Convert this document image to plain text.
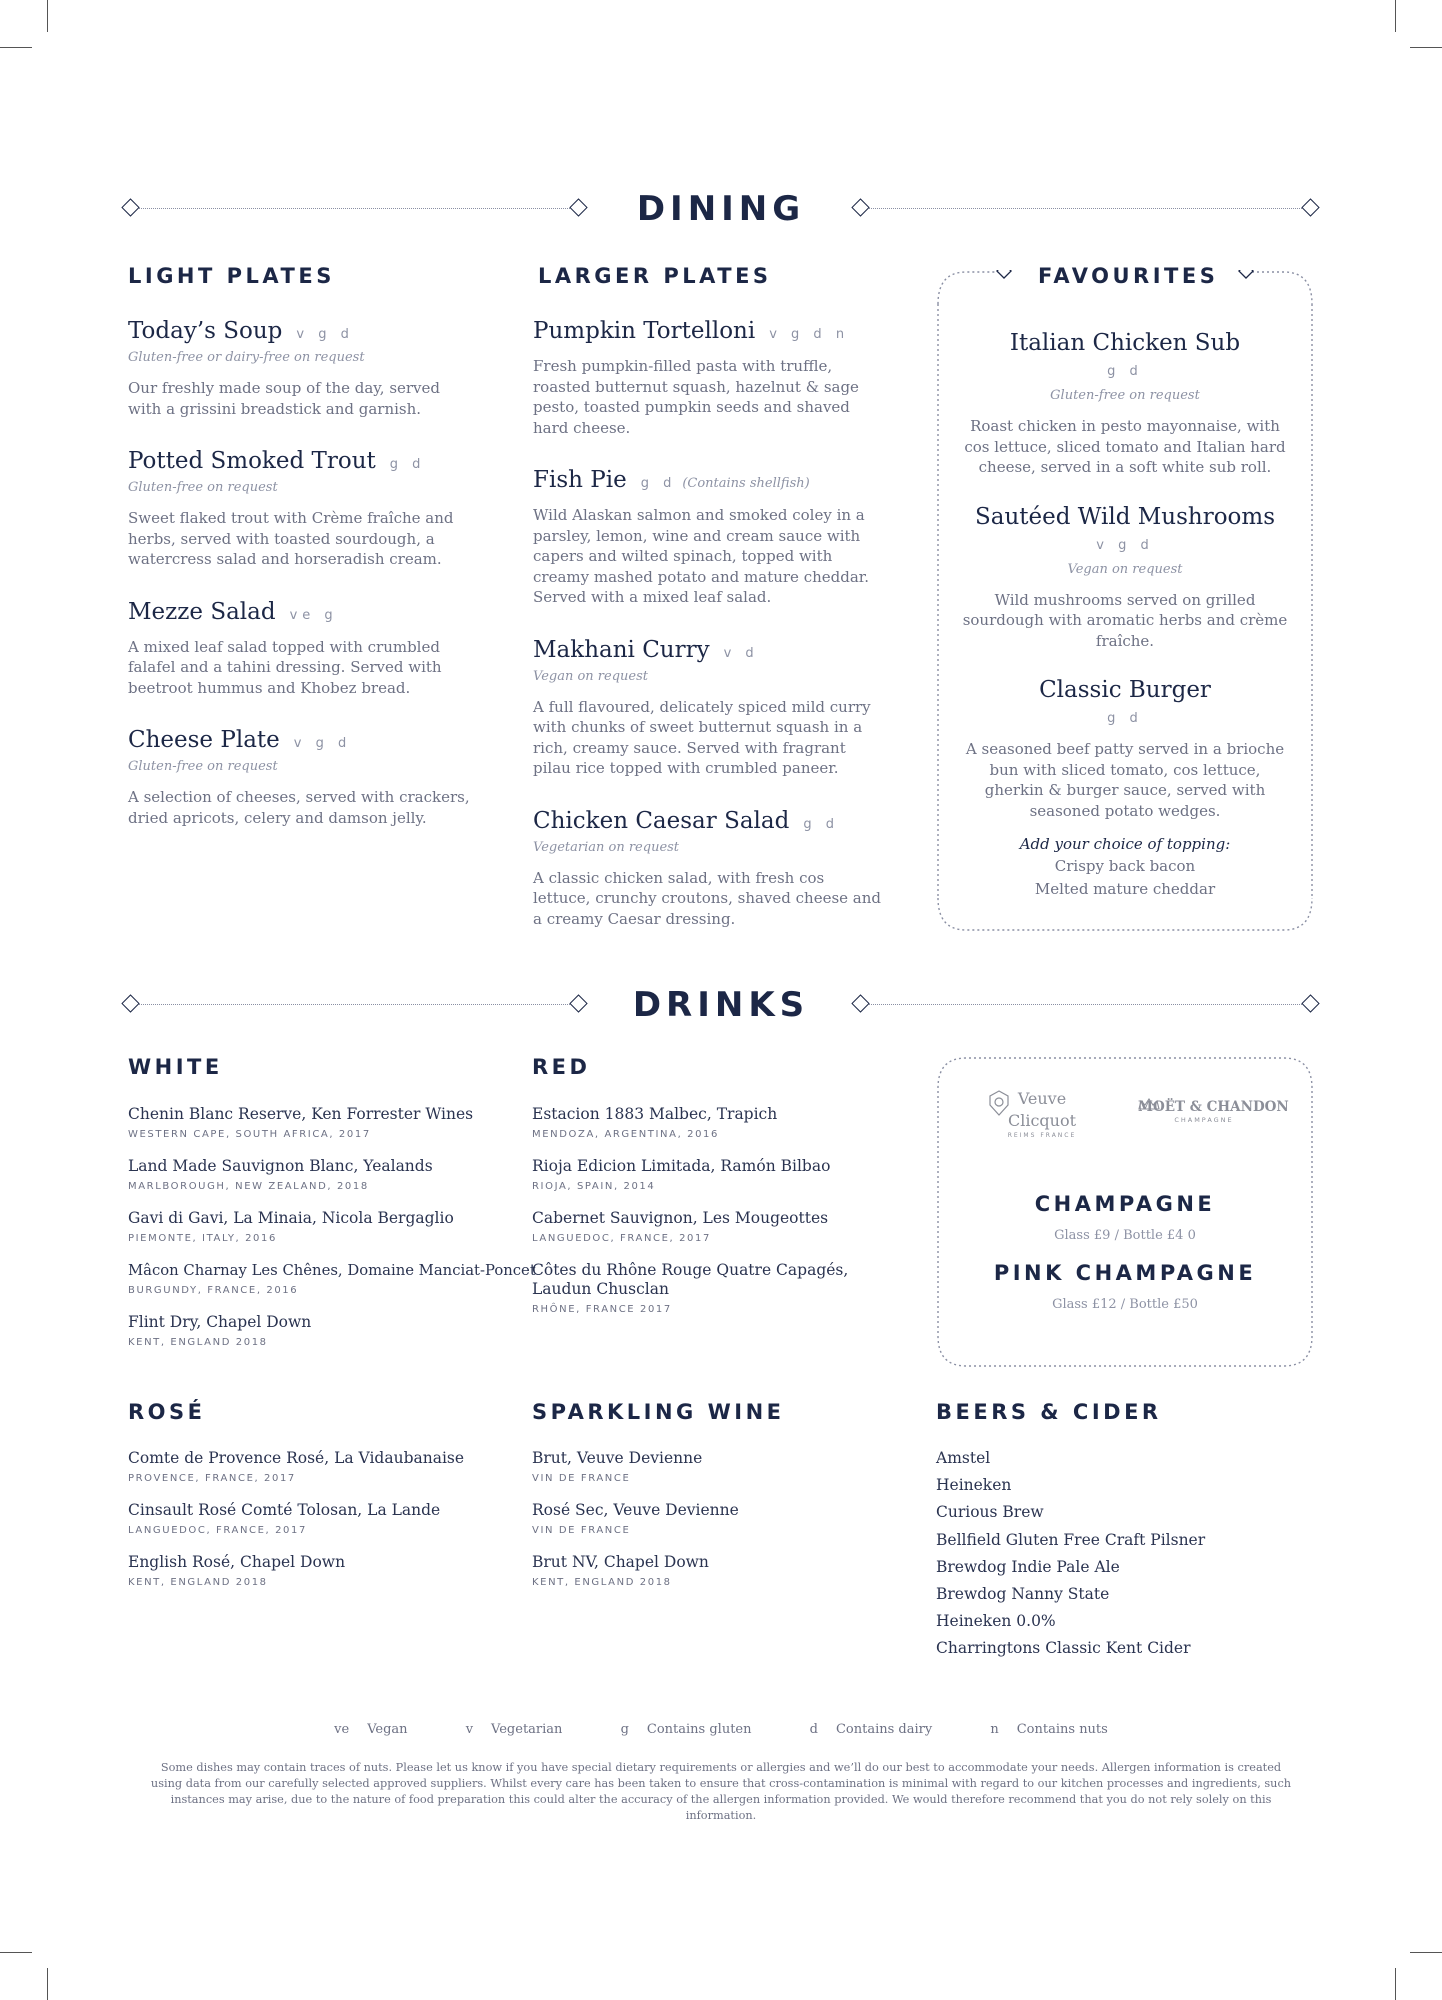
DINING
LIGHT PLATES
Today’s Soup v g d
Gluten-free or dairy-free on request
Our freshly made soup of the day, served with a grissini breadstick and garnish.
Potted Smoked Trout g d
Gluten-free on request
Sweet flaked trout with Crème fraîche and herbs, served with toasted sourdough, a watercress salad and horseradish cream.
Mezze Salad ve g
A mixed leaf salad topped with crumbled falafel and a tahini dressing. Served with beetroot hummus and Khobez bread.
Cheese Plate v g d
Gluten-free on request
A selection of cheeses, served with crackers, dried apricots, celery and damson jelly.
LARGER PLATES
Pumpkin Tortelloni v g d n
Fresh pumpkin-filled pasta with truffle, roasted butternut squash, hazelnut & sage pesto, toasted pumpkin seeds and shaved hard cheese.
Fish Pie g d (Contains shellfish)
Wild Alaskan salmon and smoked coley in a parsley, lemon, wine and cream sauce with capers and wilted spinach, topped with creamy mashed potato and mature cheddar. Served with a mixed leaf salad.
Makhani Curry v d
Vegan on request
A full flavoured, delicately spiced mild curry with chunks of sweet butternut squash in a rich, creamy sauce. Served with fragrant pilau rice topped with crumbled paneer.
Chicken Caesar Salad g d
Vegetarian on request
A classic chicken salad, with fresh cos lettuce, crunchy croutons, shaved cheese and a creamy Caesar dressing.
FAVOURITES
Italian Chicken Sub
g d
Gluten-free on request
Roast chicken in pesto mayonnaise, with cos lettuce, sliced tomato and Italian hard cheese, served in a soft white sub roll.
Sautéed Wild Mushrooms
v g d
Vegan on request
Wild mushrooms served on grilled sourdough with aromatic herbs and crème fraîche.
Classic Burger
g d
A seasoned beef patty served in a brioche bun with sliced tomato, cos lettuce, gherkin & burger sauce, served with seasoned potato wedges.
Add your choice of topping:
Crispy back bacon
Melted mature cheddar
DRINKS
WHITE
Chenin Blanc Reserve, Ken Forrester Wines
WESTERN CAPE, SOUTH AFRICA, 2017
Land Made Sauvignon Blanc, Yealands
MARLBOROUGH, NEW ZEALAND, 2018
Gavi di Gavi, La Minaia, Nicola Bergaglio
PIEMONTE, ITALY, 2016
Mâcon Charnay Les Chênes, Domaine Manciat-Poncet
BURGUNDY, FRANCE, 2016
Flint Dry, Chapel Down
KENT, ENGLAND 2018
RED
Estacion 1883 Malbec, Trapich
MENDOZA, ARGENTINA, 2016
Rioja Edicion Limitada, Ramón Bilbao
RIOJA, SPAIN, 2014
Cabernet Sauvignon, Les Mougeottes
LANGUEDOC, FRANCE, 2017
Côtes du Rhône Rouge Quatre Capagés, Laudun Chusclan
RHÔNE, FRANCE 2017
Veuve Clicquot
REIMS FRANCE
MOËT & CHANDON
CHAMPAGNE
CHAMPAGNE
Glass £9 / Bottle £4 0
PINK CHAMPAGNE
Glass £12 / Bottle £50
ROSÉ
Comte de Provence Rosé, La Vidaubanaise
PROVENCE, FRANCE, 2017
Cinsault Rosé Comté Tolosan, La Lande
LANGUEDOC, FRANCE, 2017
English Rosé, Chapel Down
KENT, ENGLAND 2018
SPARKLING WINE
Brut, Veuve Devienne
VIN DE FRANCE
Rosé Sec, Veuve Devienne
VIN DE FRANCE
Brut NV, Chapel Down
KENT, ENGLAND 2018
BEERS & CIDER
Amstel
Heineken
Curious Brew
Bellfield Gluten Free Craft Pilsner
Brewdog Indie Pale Ale
Brewdog Nanny State
Heineken 0.0%
Charringtons Classic Kent Cider
ve Vegan	v Vegetarian	g Contains gluten	d Contains dairy	n Contains nuts
Some dishes may contain traces of nuts. Please let us know if you have special dietary requirements or allergies and we’ll do our best to accommodate your needs. Allergen information is created using data from our carefully selected approved suppliers. Whilst every care has been taken to ensure that cross-contamination is minimal with regard to our kitchen processes and ingredients, such instances may arise, due to the nature of food preparation this could alter the accuracy of the allergen information provided. We would therefore recommend that you do not rely solely on this information.
